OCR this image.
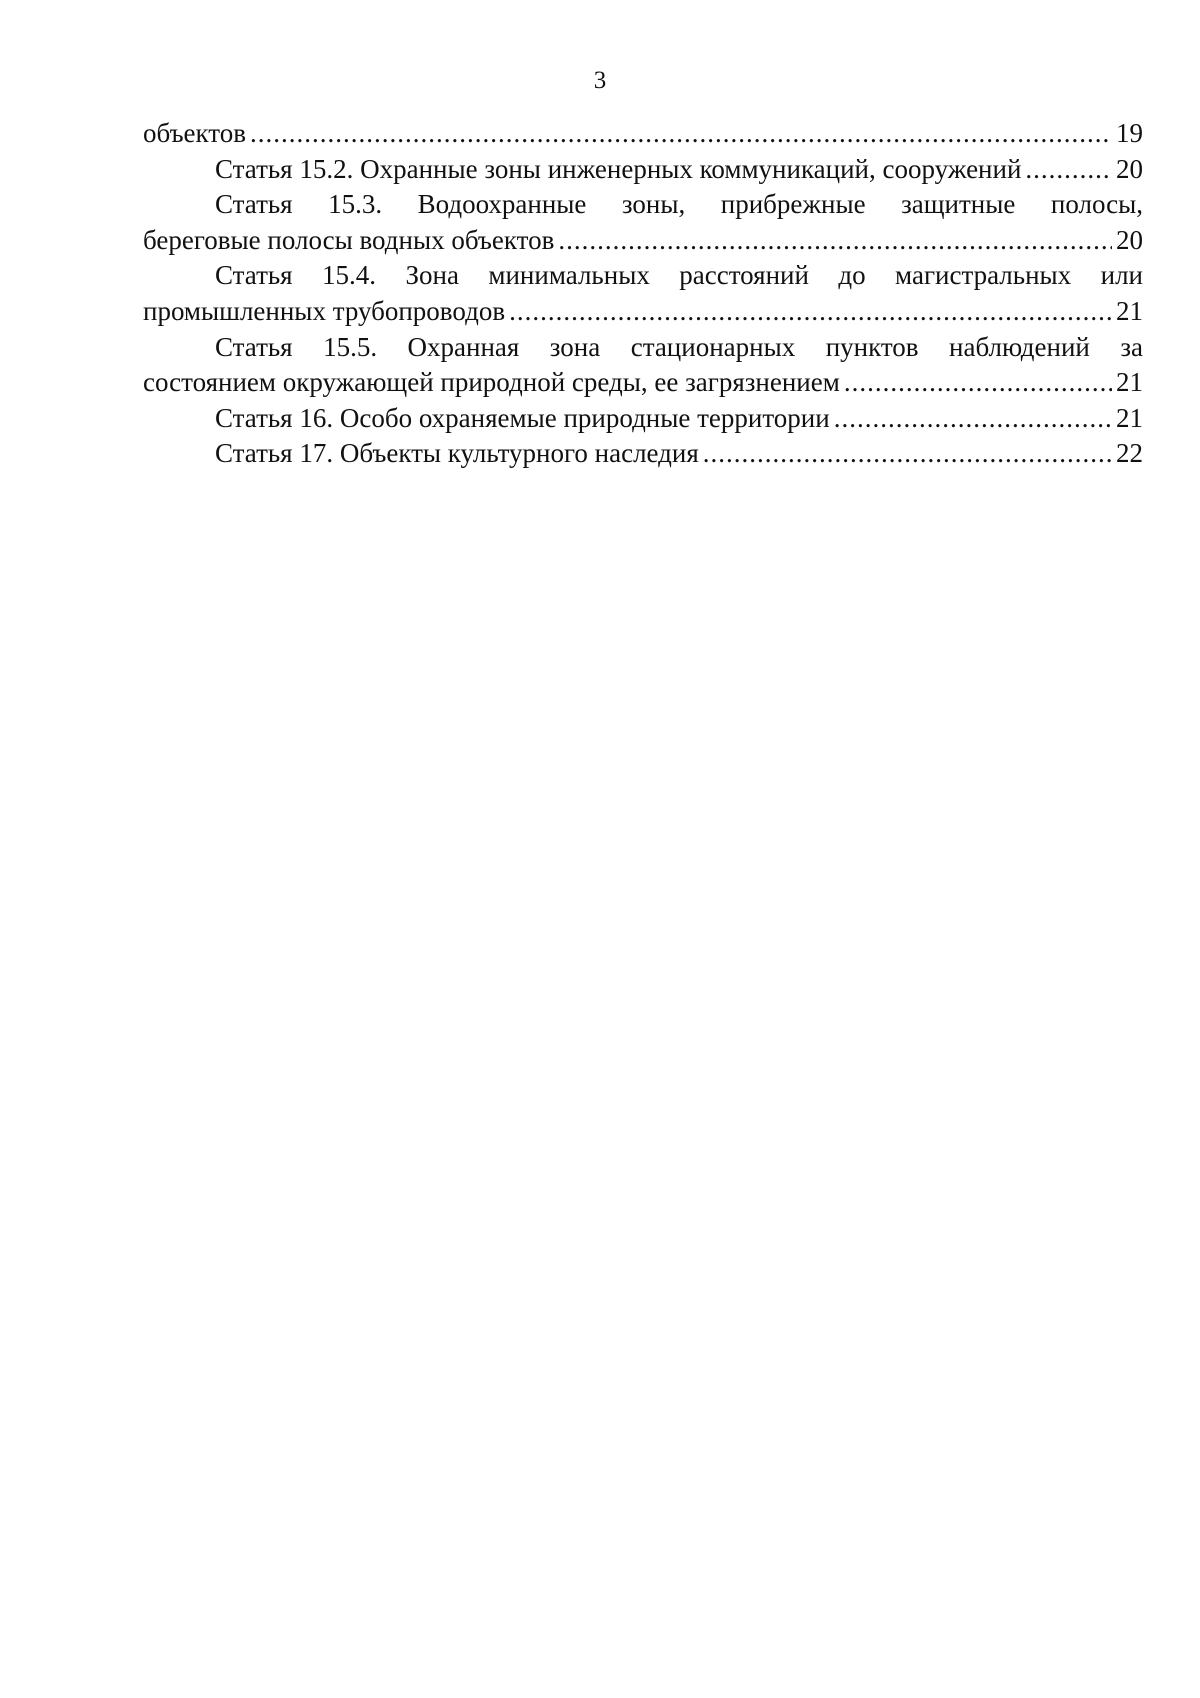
3
объектов .....	19
Статья 15.2. Охранные зоны инженерных коммуникаций, сооружений .....	20
Статья 15.3. Водоохранные зоны, прибрежные защитные полосы,
береговые полосы водных объектов .....	20
Статья 15.4. Зона минимальных расстояний до магистральных или
промышленных трубопроводов .....	21
Статья 15.5. Охранная зона стационарных пунктов наблюдений за
состоянием окружающей природной среды, ее загрязнением .....	21
Статья 16. Особо охраняемые природные территории .....	21
Статья 17. Объекты культурного наследия .....	22
